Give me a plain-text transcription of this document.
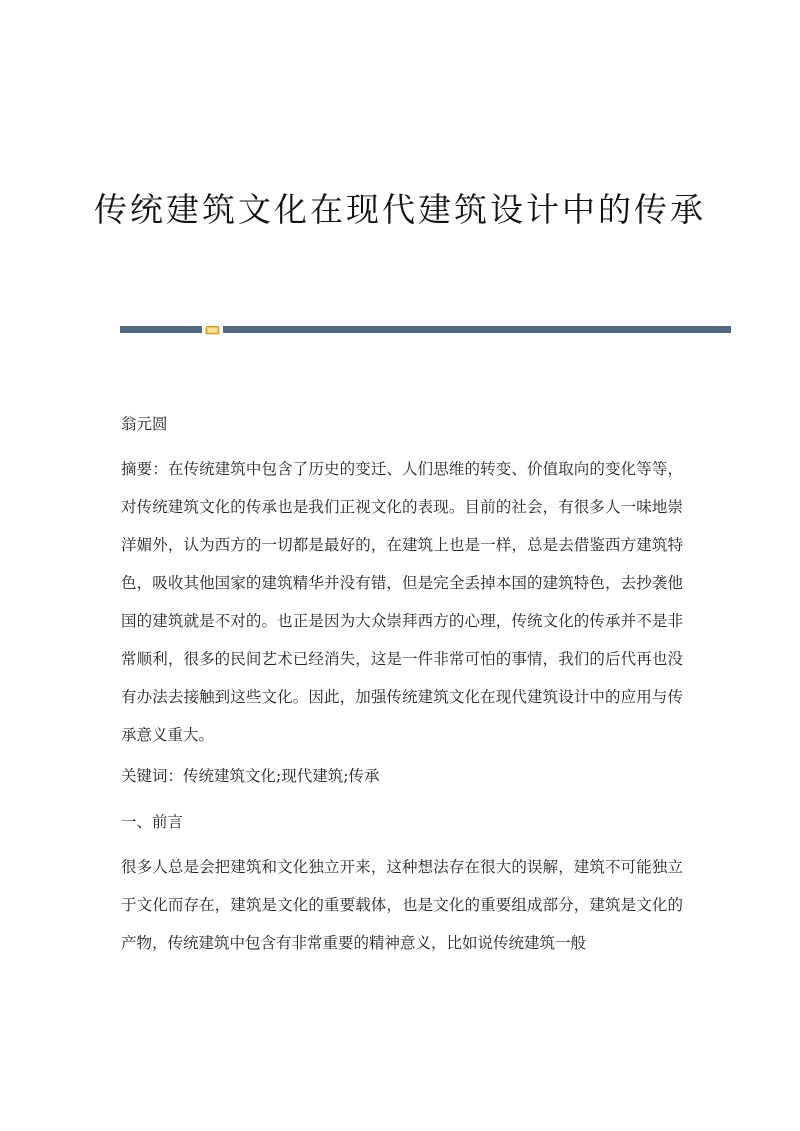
传统建筑文化在现代建筑设计中的传承

翁元圆

摘要：在传统建筑中包含了历史的变迁、人们思维的转变、价值取向的变化等等，对传统建筑文化的传承也是我们正视文化的表现。目前的社会，有很多人一味地崇洋媚外，认为西方的一切都是最好的，在建筑上也是一样，总是去借鉴西方建筑特色，吸收其他国家的建筑精华并没有错，但是完全丢掉本国的建筑特色，去抄袭他国的建筑就是不对的。也正是因为大众崇拜西方的心理，传统文化的传承并不是非常顺利，很多的民间艺术已经消失，这是一件非常可怕的事情，我们的后代再也没有办法去接触到这些文化。因此，加强传统建筑文化在现代建筑设计中的应用与传承意义重大。

关键词：传统建筑文化;现代建筑;传承

一、前言

很多人总是会把建筑和文化独立开来，这种想法存在很大的误解，建筑不可能独立于文化而存在，建筑是文化的重要载体，也是文化的重要组成部分，建筑是文化的产物，传统建筑中包含有非常重要的精神意义，比如说传统建筑一般
